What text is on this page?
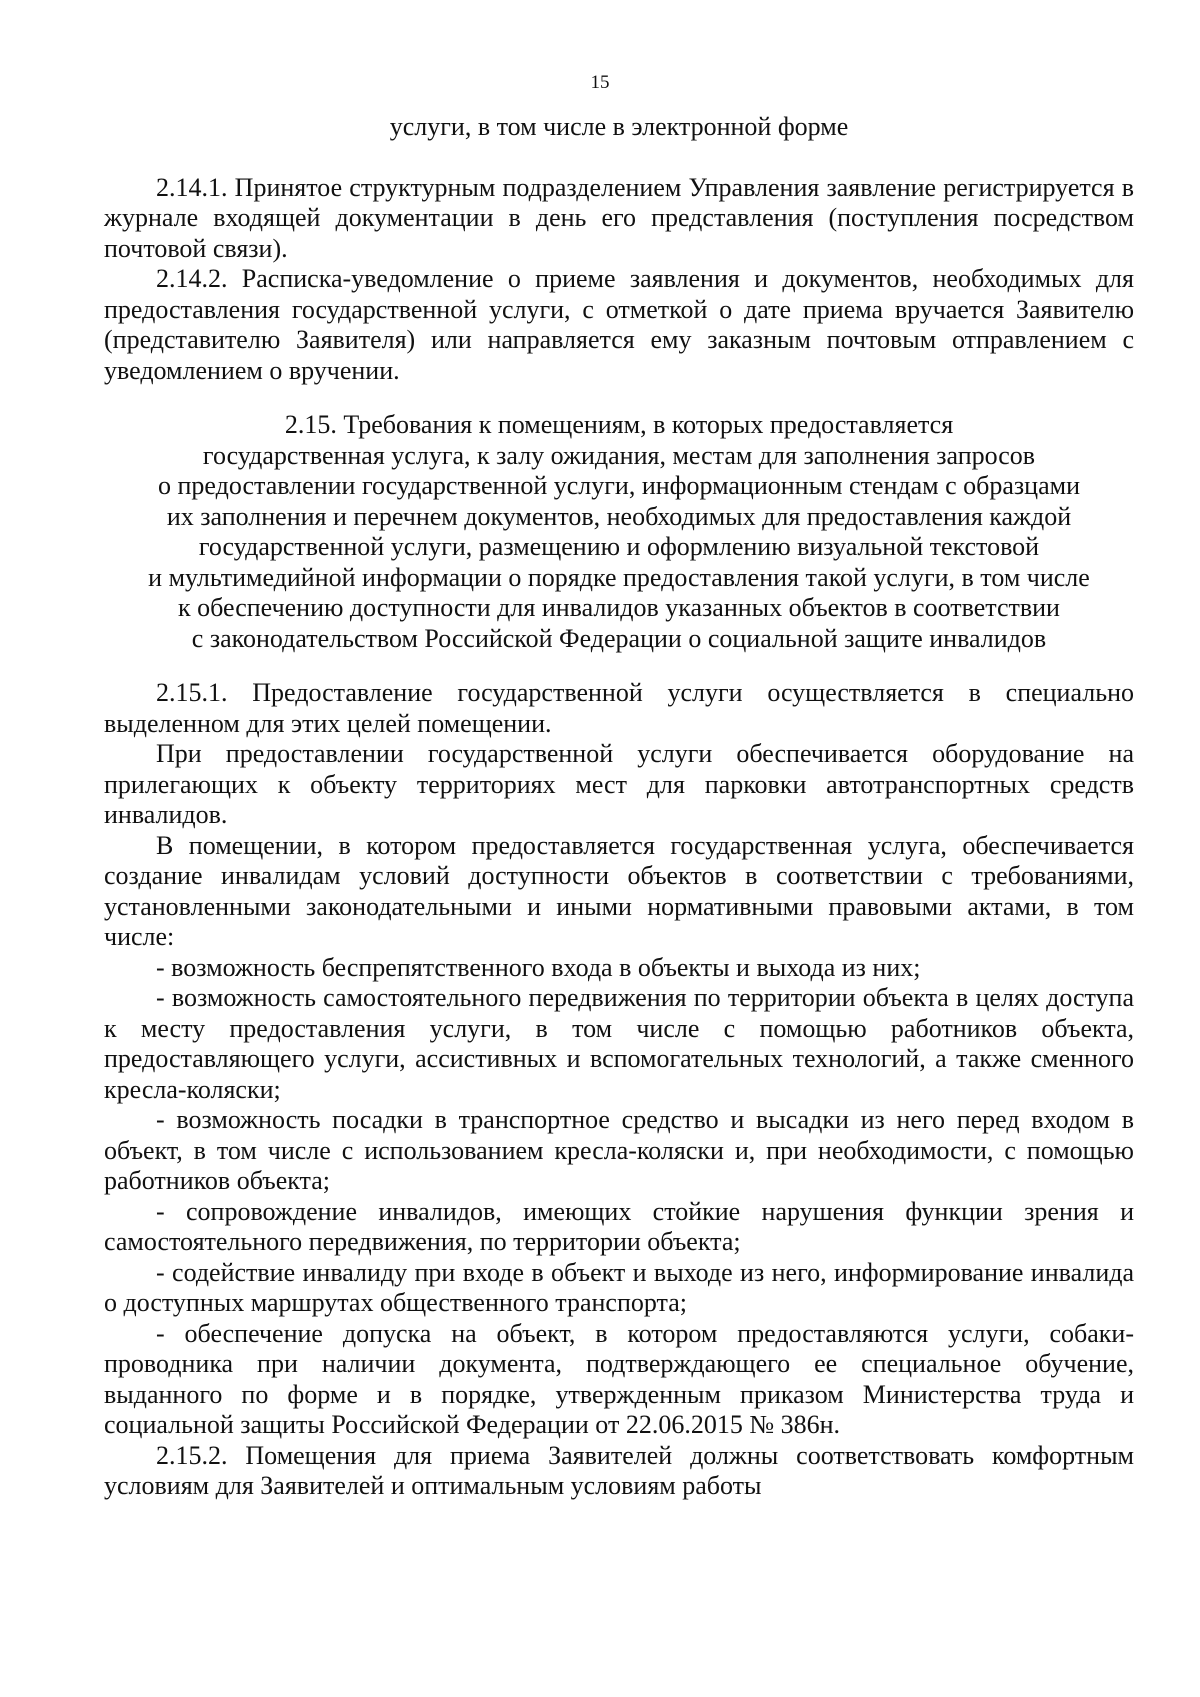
15

услуги, в том числе в электронной форме

2.14.1. Принятое структурным подразделением Управления заявление регистрируется в журнале входящей документации в день его представления (поступления посредством почтовой связи).

2.14.2. Расписка-уведомление о приеме заявления и документов, необходимых для предоставления государственной услуги, с отметкой о дате приема вручается Заявителю (представителю Заявителя) или направляется ему заказным почтовым отправлением с уведомлением о вручении.

2.15. Требования к помещениям, в которых предоставляется
государственная услуга, к залу ожидания, местам для заполнения запросов
о предоставлении государственной услуги, информационным стендам с образцами
их заполнения и перечнем документов, необходимых для предоставления каждой
государственной услуги, размещению и оформлению визуальной текстовой
и мультимедийной информации о порядке предоставления такой услуги, в том числе
к обеспечению доступности для инвалидов указанных объектов в соответствии
с законодательством Российской Федерации о социальной защите инвалидов

2.15.1. Предоставление государственной услуги осуществляется в специально выделенном для этих целей помещении.

При предоставлении государственной услуги обеспечивается оборудование на прилегающих к объекту территориях мест для парковки автотранспортных средств инвалидов.

В помещении, в котором предоставляется государственная услуга, обеспечивается создание инвалидам условий доступности объектов в соответствии с требованиями, установленными законодательными и иными нормативными правовыми актами, в том числе:

- возможность беспрепятственного входа в объекты и выхода из них;

- возможность самостоятельного передвижения по территории объекта в целях доступа к месту предоставления услуги, в том числе с помощью работников объекта, предоставляющего услуги, ассистивных и вспомогательных технологий, а также сменного кресла-коляски;

- возможность посадки в транспортное средство и высадки из него перед входом в объект, в том числе с использованием кресла-коляски и, при необходимости, с помощью работников объекта;

- сопровождение инвалидов, имеющих стойкие нарушения функции зрения и самостоятельного передвижения, по территории объекта;

- содействие инвалиду при входе в объект и выходе из него, информирование инвалида о доступных маршрутах общественного транспорта;

- обеспечение допуска на объект, в котором предоставляются услуги, собаки-проводника при наличии документа, подтверждающего ее специальное обучение, выданного по форме и в порядке, утвержденным приказом Министерства труда и социальной защиты Российской Федерации от 22.06.2015 № 386н.

2.15.2. Помещения для приема Заявителей должны соответствовать комфортным условиям для Заявителей и оптимальным условиям работы
